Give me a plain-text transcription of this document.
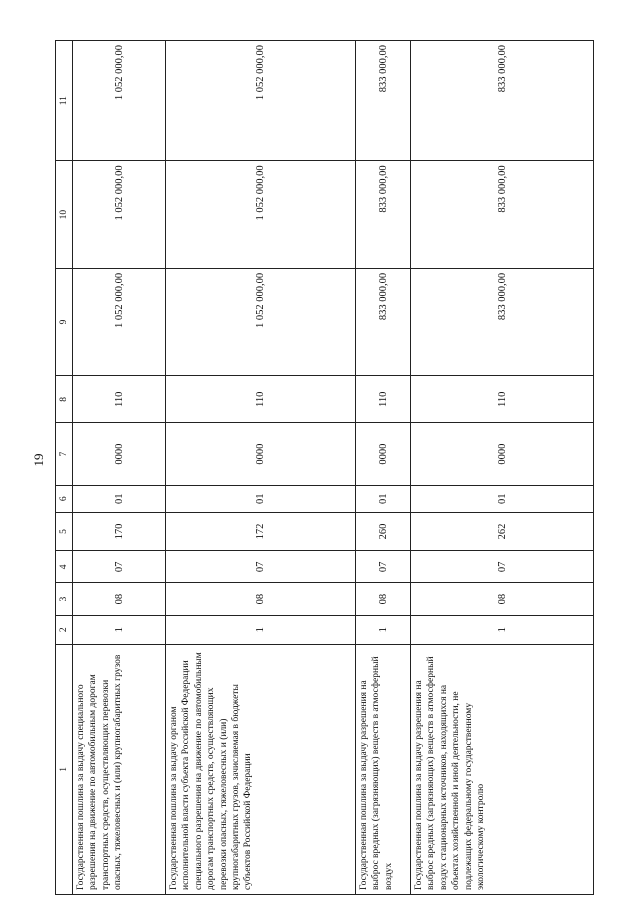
19
1	2	3	4	5	6	7	8	9	10	11
Государственная пошлина за выдачу специального разрешения на движение по автомобильным дорогам транспортных средств, осуществляющих перевозки опасных, тяжеловесных и (или) крупногабаритных грузов	1	08	07	170	01	0000	110	1 052 000,00	1 052 000,00	1 052 000,00
Государственная пошлина за выдачу органом исполнительной власти субъекта Российской Федерации специального разрешения на движение по автомобильным дорогам транспортных средств, осуществляющих перевозки опасных, тяжеловесных и (или) крупногабаритных грузов, зачисляемая в бюджеты субъектов Российской Федерации	1	08	07	172	01	0000	110	1 052 000,00	1 052 000,00	1 052 000,00
Государственная пошлина за выдачу разрешения на выброс вредных (загрязняющих) веществ в атмосферный воздух	1	08	07	260	01	0000	110	833 000,00	833 000,00	833 000,00
Государственная пошлина за выдачу разрешения на выброс вредных (загрязняющих) веществ в атмосферный воздух стационарных источников, находящихся на объектах хозяйственной и иной деятельности, не подлежащих федеральному государственному экологическому контролю	1	08	07	262	01	0000	110	833 000,00	833 000,00	833 000,00
